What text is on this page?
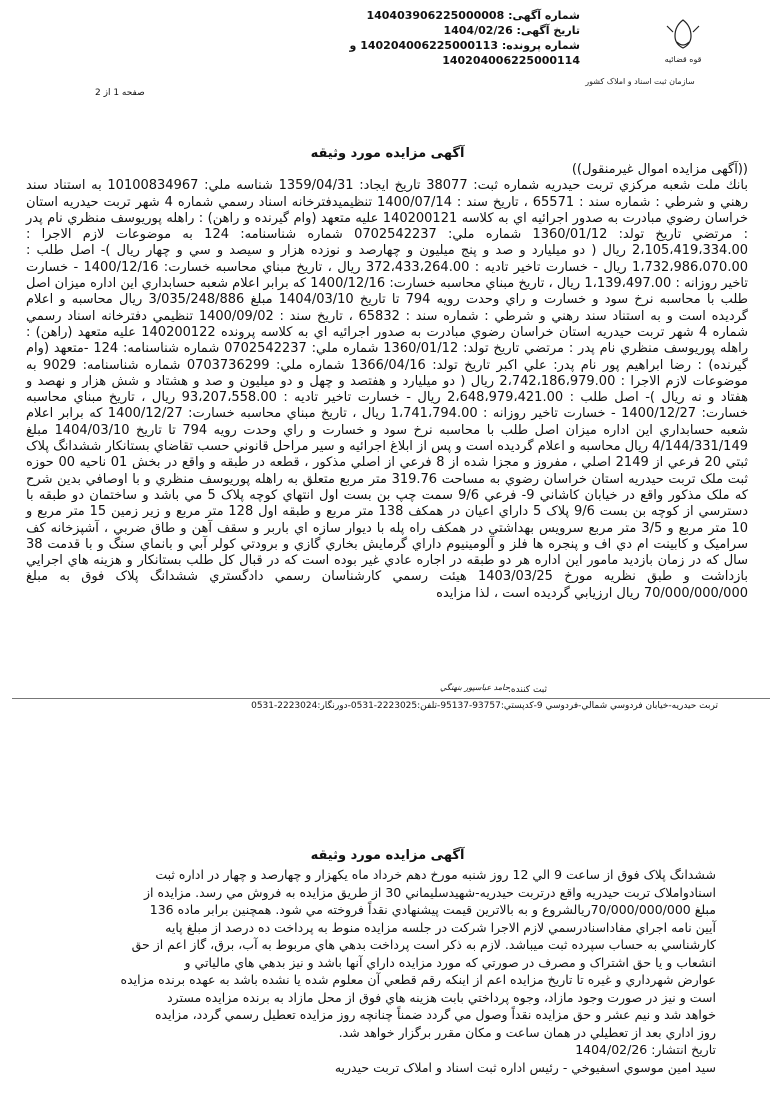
شماره آگهی: 140403906225000008
تاریخ آگهی: 1404/02/26
شماره پرونده: 140204006225000113 و
140204006225000114	قوه قضائیه
سازمان ثبت اسناد و املاک کشور
صفحه 1 از 2
آگهی مزایده مورد وثیقه

((آگهی مزایده اموال غیرمنقول))
بانك ملت شعبه مرکزي تربت حيدريه شماره ثبت: 38077 تاریخ ایجاد: 1359/04/31 شناسه ملي: 10100834967 به استناد سند رهني و شرطي : شماره سند : 65571 ، تاريخ سند : 1400/07/14 تنظيمیدفترخانه اسناد رسمي شماره 4 شهر تربت حيدريه استان خراسان رضوي مبادرت به صدور اجرائيه اي به کلاسه 140200121 علیه متعهد (وام گيرنده و راهن) : راهله پوريوسف منظري نام پدر : مرتضي تاريخ تولد: 1360/01/12 شماره ملي: 0702542237 شماره شناسنامه: 124 به موضوعات لازم الاجرا : 2،105،419،334.00 ريال ( دو ميليارد و صد و پنج ميليون و چهارصد و نوزده هزار و سيصد و سي و چهار ريال )- اصل طلب : 1،732،986،070.00 ريال - خسارت تاخير تاديه : 372،433،264.00 ريال ، تاريخ مبناي محاسبه خسارت: 1400/12/16 - خسارت تاخير روزانه : 1،139،497.00 ريال ، تاريخ مبناي محاسبه خسارت: 1400/12/16 که برابر اعلام شعبه حسابداري اين اداره ميزان اصل طلب با محاسبه نرخ سود و خسارت و راي وحدت رويه 794 تا تاريخ 1404/03/10 مبلغ 3/035/248/886 ريال محاسبه و اعلام گرديده است و به استناد سند رهني و شرطي : شماره سند : 65832 ، تاريخ سند : 1400/09/02 تنظيمي دفترخانه اسناد رسمي شماره 4 شهر تربت حيدريه استان خراسان رضوي مبادرت به صدور اجرائيه اي به کلاسه پرونده 140200122 علیه متعهد (راهن) : راهله پوريوسف منظري نام پدر : مرتضي تاريخ تولد: 1360/01/12 شماره ملي: 0702542237 شماره شناسنامه: 124 -متعهد (وام گيرنده) : رضا ابراهيم پور نام پدر: علي اکبر تاريخ تولد: 1366/04/16 شماره ملي: 0703736299 شماره شناسنامه: 9029 به موضوعات لازم الاجرا : 2،742،186،979.00 ريال ( دو ميليارد و هفتصد و چهل و دو ميليون و صد و هشتاد و شش هزار و نهصد و هفتاد و نه ريال )- اصل طلب : 2،648،979،421.00 ريال - خسارت تاخير تاديه : 93،207،558.00 ريال ، تاريخ مبناي محاسبه خسارت: 1400/12/27 - خسارت تاخير روزانه : 1،741،794.00 ريال ، تاريخ مبناي محاسبه خسارت: 1400/12/27 که برابر اعلام شعبه حسابداري اين اداره ميزان اصل طلب با محاسبه نرخ سود و خسارت و راي وحدت رويه 794 تا تاريخ 1404/03/10 مبلغ 4/144/331/149 ريال محاسبه و اعلام گرديده است و پس از ابلاغ اجرائيه و سير مراحل قانوني حسب تقاضاي بستانکار ششدانگ پلاک ثبتي 20 فرعي از 2149 اصلي ، مفروز و مجزا شده از 8 فرعي از اصلي مذکور ، قطعه در طبقه و واقع در بخش 01 ناحيه 00 حوزه ثبت ملک تربت حيدريه استان خراسان رضوي به مساحت 319.76 متر مربع متعلق به راهله پوريوسف منظري و با اوصافي بدين شرح که ملک مذکور واقع در خيابان کاشاني 9- فرعي 9/6 سمت چپ بن بست اول انتهاي کوچه پلاک 5 مي باشد و ساختمان دو طبقه با دسترسي از کوچه بن بست 9/6 پلاک 5 داراي اعيان در همکف 138 متر مربع و طبقه اول 128 متر مربع و زير زمين 15 متر مربع و 10 متر مربع و 3/5 متر مربع سرويس بهداشتي در همکف راه پله با ديوار سازه اي باربر و سقف آهن و طاق ضربي ، آشپزخانه کف سراميک و کابينت ام دي اف و پنجره ها فلز و آلومينيوم داراي گرمايش بخاري گازي و برودتي کولر آبي و بانماي سنگ و با قدمت 38 سال که در زمان بازديد مامور اين اداره هر دو طبقه در اجاره عادي غير بوده است که در قبال کل طلب بستانکار و هزينه هاي اجرايي بازداشت و طبق نظريه مورخ 1403/03/25 هيئت رسمي کارشناسان رسمي دادگستري ششدانگ پلاک فوق به مبلغ 70/000/000/000 ريال ارزيابي گرديده است ، لذا مزايده

حامد عباسپور بنهنگي
ثبت کننده:
تربت حيدريه-خيابان فردوسي شمالي-فردوسي 9-کدپستي:93757-95137-تلفن:2223025-0531-دورنگار:2223024-0531
آگهی مزایده مورد وثیقه
ششدانگ پلاک فوق از ساعت 9 الي 12 روز شنبه مورخ دهم خرداد ماه يکهزار و چهارصد و چهار در اداره ثبت
اسنادواملاک تربت حيدريه واقع درتربت حيدريه-شهيدسليماني 30 از طريق مزايده به فروش مي رسد. مزايده از
مبلغ 70/000/000/000ريالشروع و به بالاترين قيمت پيشنهادي نقداً فروخته مي شود. همچنين برابر ماده 136
آيين نامه اجراي مفاداسنادرسمي لازم الاجرا شرکت در جلسه مزايده منوط به پرداخت ده درصد از مبلغ پايه
کارشناسي به حساب سپرده ثبت ميباشد. لازم به ذکر است پرداخت بدهي هاي مربوط به آب، برق، گاز اعم از حق
انشعاب و يا حق اشتراک و مصرف در صورتي که مورد مزايده داراي آنها باشد و نيز بدهي هاي مالياتي و
عوارض شهرداري و غيره تا تاريخ مزايده اعم از اينکه رقم قطعي آن معلوم شده يا نشده باشد به عهده برنده مزايده
است و نيز در صورت وجود مازاد، وجوه پرداختي بابت هزينه هاي فوق از محل مازاد به برنده مزايده مسترد
خواهد شد و نيم عشر و حق مزايده نقداً وصول مي گردد ضمناً چنانچه روز مزايده تعطيل رسمي گردد، مزايده
روز اداري بعد از تعطيلي در همان ساعت و مکان مقرر برگزار خواهد شد.
تاريخ انتشار: 1404/02/26
سيد امين موسوي اسفيوخي - رئيس اداره ثبت اسناد و املاک تربت حيدريه
